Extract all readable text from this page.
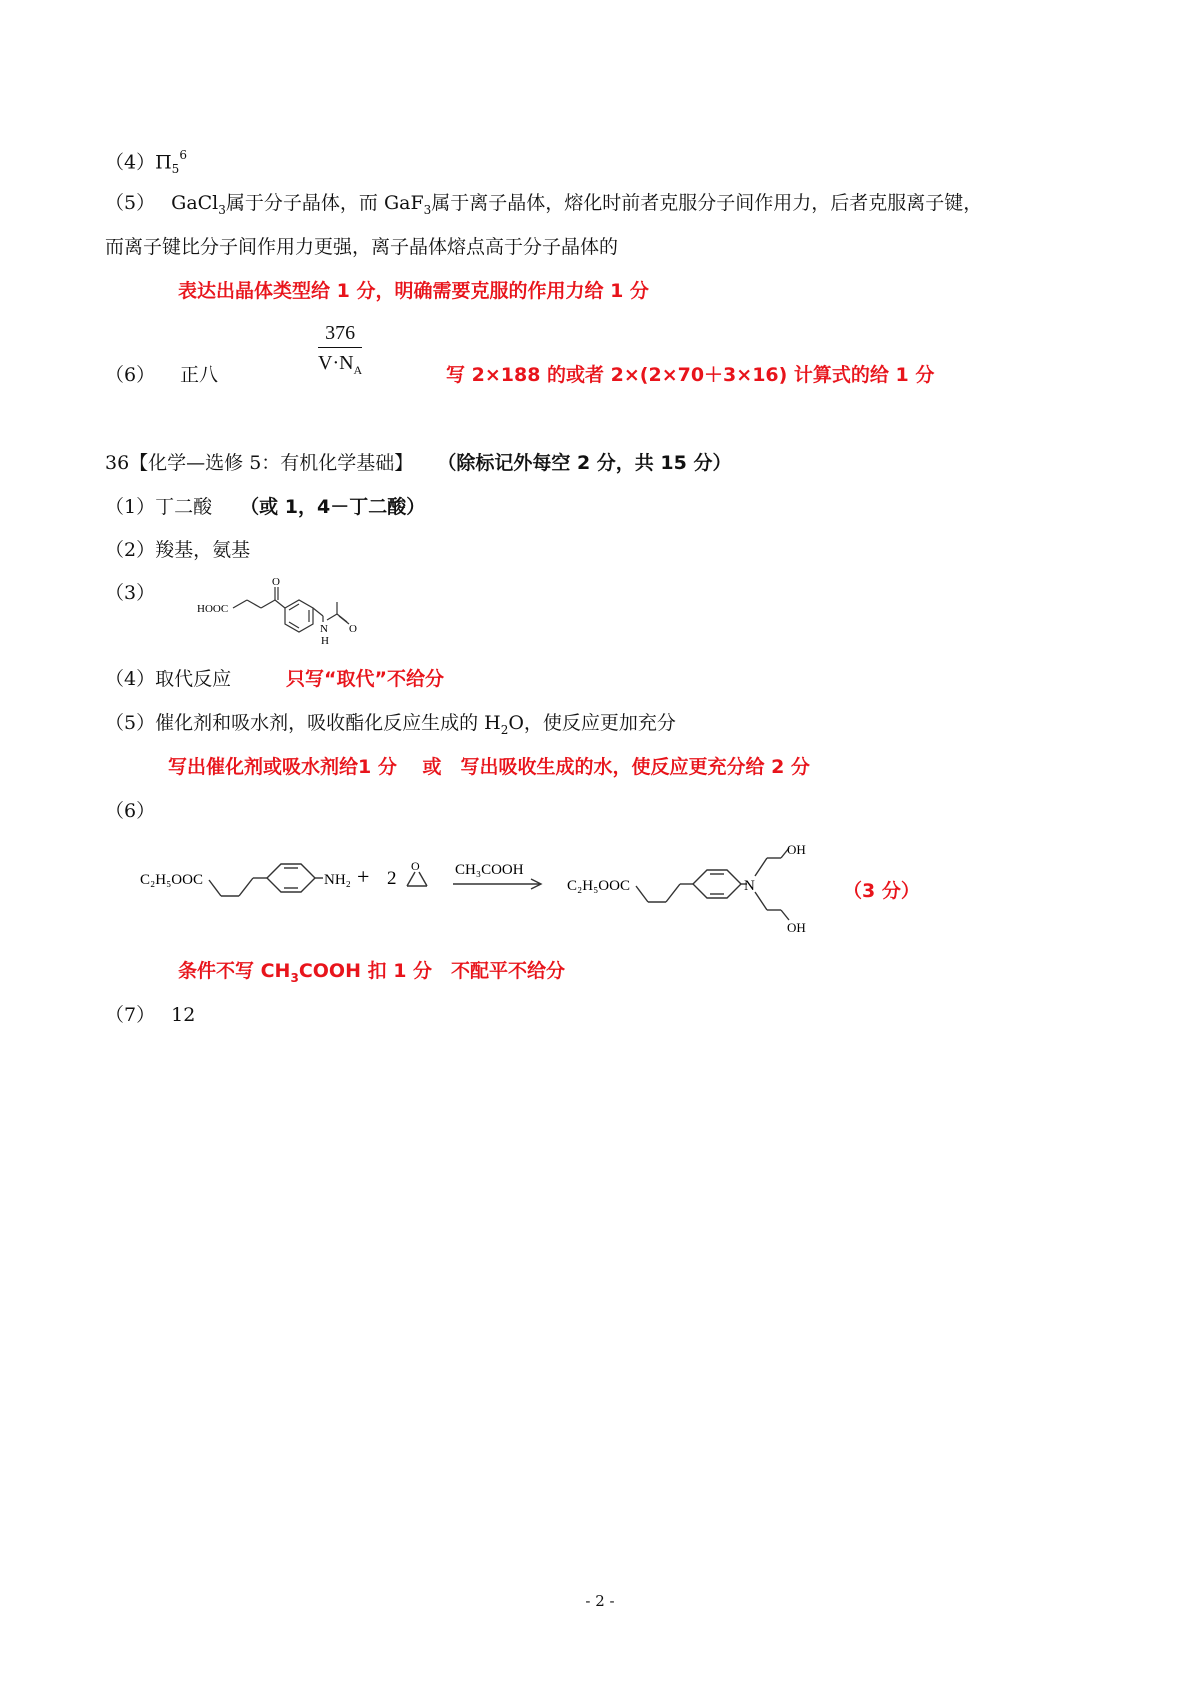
$(4)\Pi_5^6$
（5） GaCl$_3$属于分子晶体，而 GaF$_3$属于离子晶体，熔化时前者克服分子间作用力，后者克服离子键，
而离子键比分子间作用力更强，离子晶体熔点高于分子晶体的
表达出晶体类型给 1 分，明确需要克服的作用力给 1 分
（6） 正八	$\frac{376}{V\cdot N_A}$	写 2×188 的或者 2×(2×70＋3×16) 计算式的给 1 分
36【化学—选修 5：有机化学基础】 （除标记外每空 2 分，共 15 分）
（1）丁二酸 （或 1，4－丁二酸）
（2）羧基，氨基
（3）
HOOC
O
N
H
O
（4）取代反应	只写“取代”不给分
（5）催化剂和吸水剂，吸收酯化反应生成的 $H_2O$，使反应更加充分
写出催化剂或吸水剂给1 分　 或　写出吸收生成的水，使反应更充分给 2 分
（6）
C₂H₅OOC	NH₂ + 2
O CH₃COOH
C₂H₅OOC	N
OH
OH
（3 分）
条件不写 $CH_3COOH$ 扣 1 分　不配平不给分
（7） 12
- 2 -
